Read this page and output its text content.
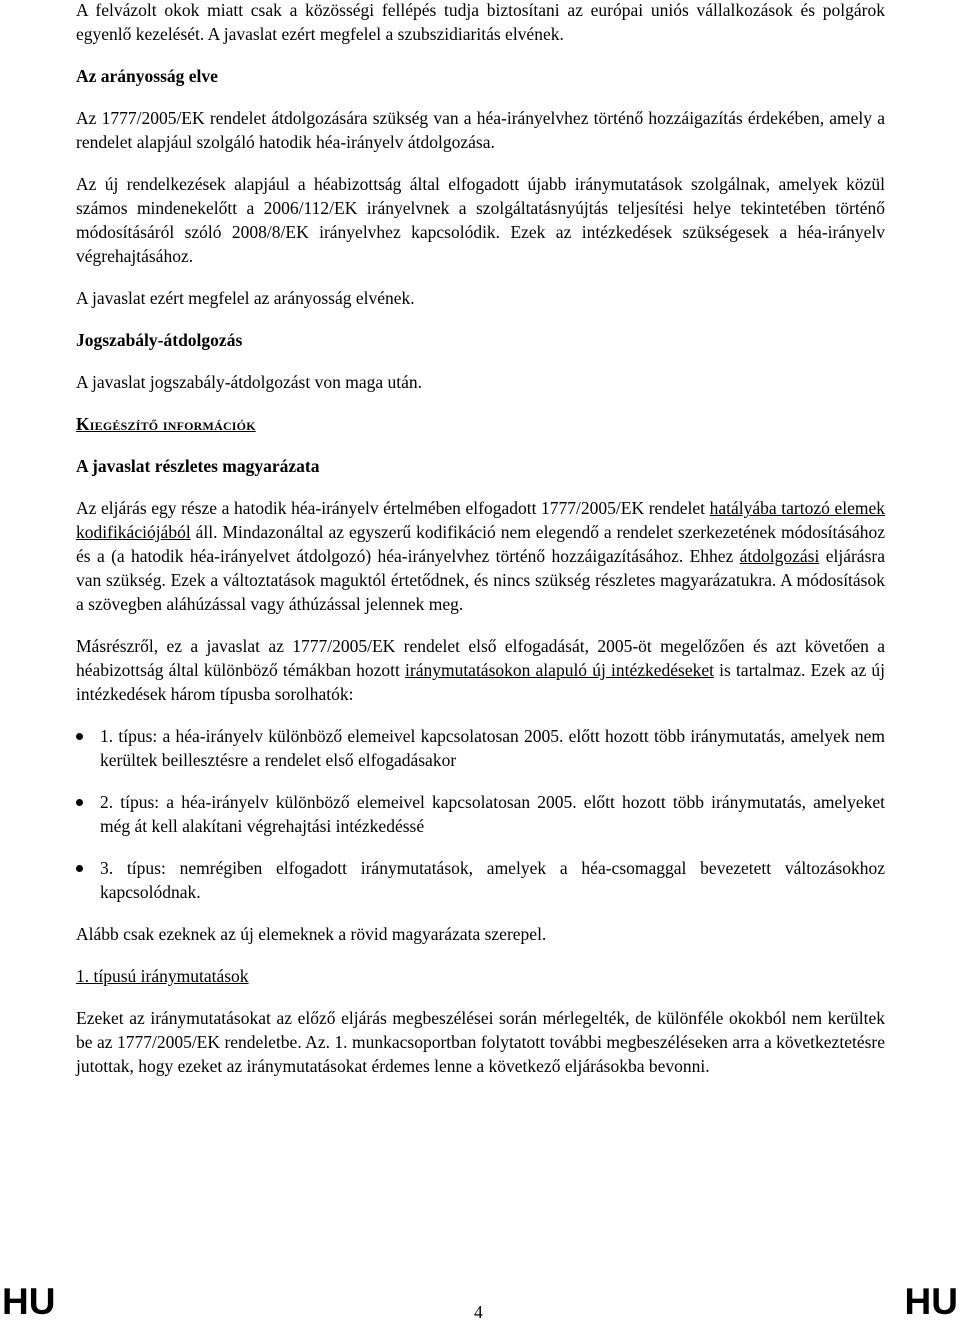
A felvázolt okok miatt csak a közösségi fellépés tudja biztosítani az európai uniós vállalkozások és polgárok egyenlő kezelését. A javaslat ezért megfelel a szubszidiaritás elvének.

Az arányosság elve

Az 1777/2005/EK rendelet átdolgozására szükség van a héa-irányelvhez történő hozzáigazítás érdekében, amely a rendelet alapjául szolgáló hatodik héa-irányelv átdolgozása.

Az új rendelkezések alapjául a héabizottság által elfogadott újabb iránymutatások szolgálnak, amelyek közül számos mindenekelőtt a 2006/112/EK irányelvnek a szolgáltatásnyújtás teljesítési helye tekintetében történő módosításáról szóló 2008/8/EK irányelvhez kapcsolódik. Ezek az intézkedések szükségesek a héa-irányelv végrehajtásához.

A javaslat ezért megfelel az arányosság elvének.

Jogszabály-átdolgozás

A javaslat jogszabály-átdolgozást von maga után.

Kiegészítő információk
A javaslat részletes magyarázata

Az eljárás egy része a hatodik héa-irányelv értelmében elfogadott 1777/2005/EK rendelet hatályába tartozó elemek kodifikációjából áll. Mindazonáltal az egyszerű kodifikáció nem elegendő a rendelet szerkezetének módosításához és a (a hatodik héa-irányelvet átdolgozó) héa-irányelvhez történő hozzáigazításához. Ehhez átdolgozási eljárásra van szükség. Ezek a változtatások maguktól értetődnek, és nincs szükség részletes magyarázatukra. A módosítások a szövegben aláhúzással vagy áthúzással jelennek meg.

Másrészről, ez a javaslat az 1777/2005/EK rendelet első elfogadását, 2005-öt megelőzően és azt követően a héabizottság által különböző témákban hozott iránymutatásokon alapuló új intézkedéseket is tartalmaz. Ezek az új intézkedések három típusba sorolhatók:

1. típus: a héa-irányelv különböző elemeivel kapcsolatosan 2005. előtt hozott több iránymutatás, amelyek nem kerültek beillesztésre a rendelet első elfogadásakor
2. típus: a héa-irányelv különböző elemeivel kapcsolatosan 2005. előtt hozott több iránymutatás, amelyeket még át kell alakítani végrehajtási intézkedéssé
3. típus: nemrégiben elfogadott iránymutatások, amelyek a héa-csomaggal bevezetett változásokhoz kapcsolódnak.

Alább csak ezeknek az új elemeknek a rövid magyarázata szerepel.

1. típusú iránymutatások

Ezeket az iránymutatásokat az előző eljárás megbeszélései során mérlegelték, de különféle okokból nem kerültek be az 1777/2005/EK rendeletbe. Az. 1. munkacsoportban folytatott további megbeszéléseken arra a következtetésre jutottak, hogy ezeket az iránymutatásokat érdemes lenne a következő eljárásokba bevonni.

HU	4	HU
